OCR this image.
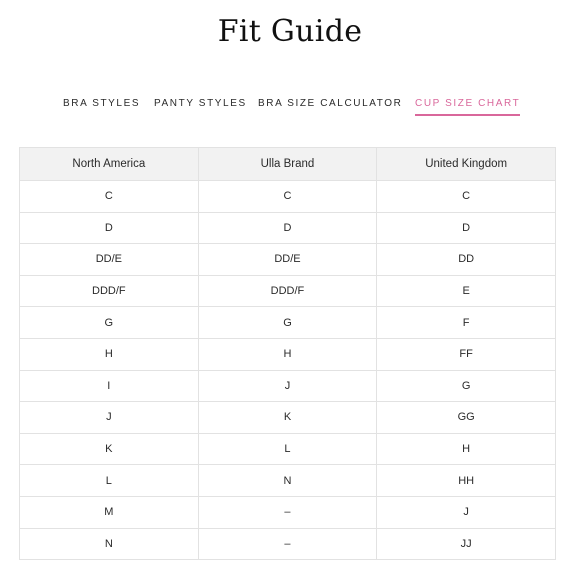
Fit Guide
BRA STYLES PANTY STYLES BRA SIZE CALCULATOR CUP SIZE CHART
North America	Ulla Brand	United Kingdom
C	C	C
D	D	D
DD/E	DD/E	DD
DDD/F	DDD/F	E
G	G	F
H	H	FF
I	J	G
J	K	GG
K	L	H
L	N	HH
M	–	J
N	–	JJ
